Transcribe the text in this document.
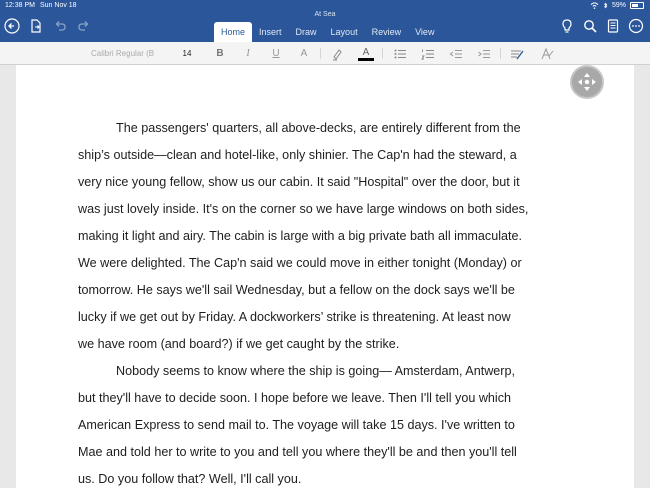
12:38 PM Sun Nov 18	59%
At Sea
Home	Insert	Draw	Layout	Review	View
Calibri Regular (B	14	B	I	U	A	A
The passengers' quarters, all above-decks, are entirely different from the
ship’s outside—clean and hotel-like, only shinier. The Cap'n had the steward, a
very nice young fellow, show us our cabin. It said "Hospital" over the door, but it
was just lovely inside. It's on the corner so we have large windows on both sides,
making it light and airy. The cabin is large with a big private bath all immaculate.
We were delighted. The Cap'n said we could move in either tonight (Monday) or
tomorrow. He says we'll sail Wednesday, but a fellow on the dock says we'll be
lucky if we get out by Friday. A dockworkers’ strike is threatening. At least now
we have room (and board?) if we get caught by the strike.
Nobody seems to know where the ship is going— Amsterdam, Antwerp,
but they'll have to decide soon. I hope before we leave. Then I'll tell you which
American Express to send mail to. The voyage will take 15 days. I've written to
Mae and told her to write to you and tell you where they'll be and then you'll tell
us. Do you follow that? Well, I'll call you.
